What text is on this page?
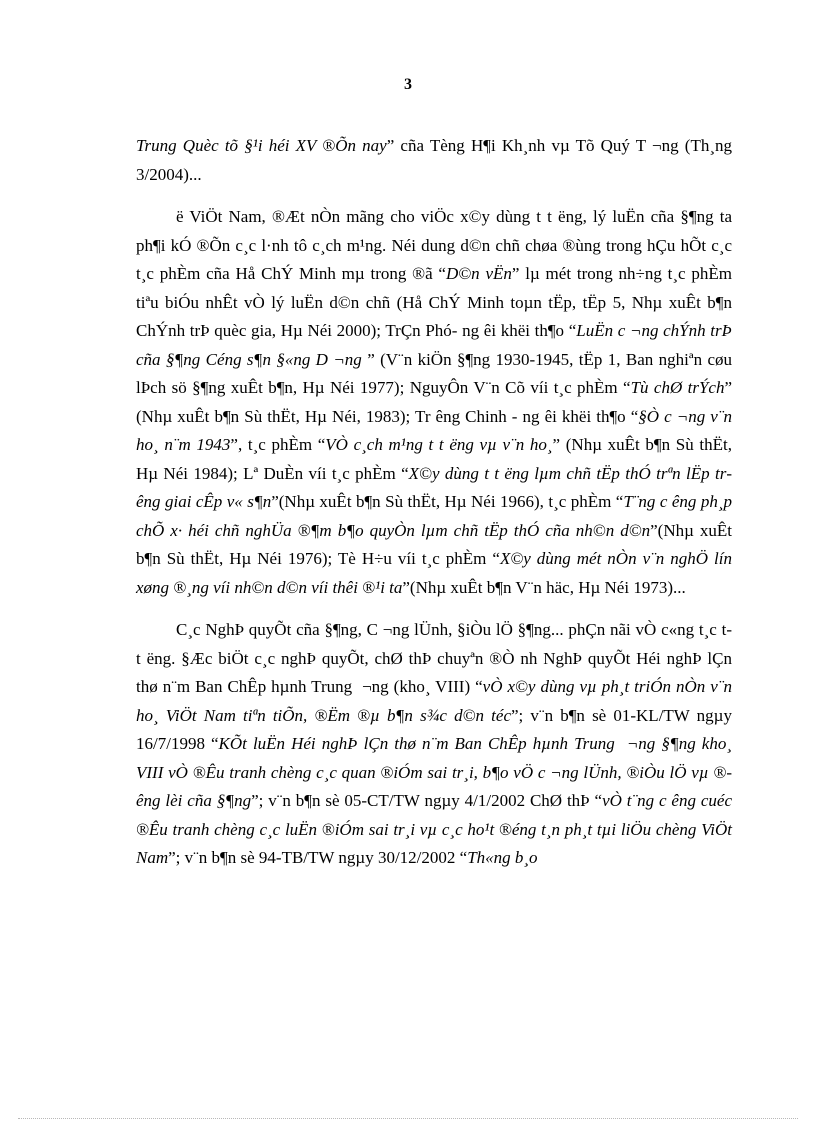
3

Trung Quèc tõ §¹i héi XV ®Õn nay” cña Tèng H¶i Kh¸nh vµ Tõ Quý T ¬ng (Th¸ng 3/2004)...

ë ViÖt Nam, ®Æt nÒn mãng cho viÖc x©y dùng t t ëng, lý luËn cña §¶ng ta ph¶i kÓ ®Õn c¸c l·nh tô c¸ch m¹ng. Néi dung d©n chñ chøa ®ùng trong hÇu hÕt c¸c t¸c phÈm cña Hå ChÝ Minh mµ trong ®ã “D©n vËn” lµ mét trong nh÷ng t¸c phÈm tiªu biÓu nhÊt vÒ lý luËn d©n chñ (Hå ChÝ Minh toµn tËp, tËp 5, Nhµ xuÊt b¶n ChÝnh trÞ quèc gia, Hµ Néi 2000); TrÇn Phó- ng êi khëi th¶o “LuËn c ¬ng chÝnh trÞ cña §¶ng Céng s¶n §«ng D ¬ng ” (V¨n kiÖn §¶ng 1930-1945, tËp 1, Ban nghiªn cøu lÞch sö §¶ng xuÊt b¶n, Hµ Néi 1977); NguyÔn V¨n Cõ víi t¸c phÈm “Tù chØ trÝch” (Nhµ xuÊt b¶n Sù thËt, Hµ Néi, 1983); Tr êng Chinh - ng êi khëi th¶o “§Ò c ¬ng v¨n ho¸ n¨m 1943”, t¸c phÈm “VÒ c¸ch m¹ng t t ëng vµ v¨n ho¸” (Nhµ xuÊt b¶n Sù thËt, Hµ Néi 1984); Lª DuÈn víi t¸c phÈm “X©y dùng t t ëng lµm chñ tËp thÓ trªn lËp tr êng giai cÊp v« s¶n”(Nhµ xuÊt b¶n Sù thËt, Hµ Néi 1966), t¸c phÈm “T¨ng c êng ph¸p chÕ x· héi chñ nghÜa ®¶m b¶o quyÒn lµm chñ tËp thÓ cña nh©n d©n”(Nhµ xuÊt b¶n Sù thËt, Hµ Néi 1976); Tè H÷u víi t¸c phÈm “X©y dùng mét nÒn v¨n nghÖ lín xøng ®¸ng víi nh©n d©n víi thêi ®¹i ta”(Nhµ xuÊt b¶n V¨n häc, Hµ Néi 1973)...

C¸c NghÞ quyÕt cña §¶ng, C ¬ng lÜnh, §iÒu lÖ §¶ng... phÇn nãi vÒ c«ng t¸c t t ëng. §Æc biÖt c¸c nghÞ quyÕt, chØ thÞ chuyªn ®Ò nh NghÞ quyÕt Héi nghÞ lÇn thø n¨m Ban ChÊp hµnh Trung ¬ng (kho¸ VIII) “vÒ x©y dùng vµ ph¸t triÓn nÒn v¨n ho¸ ViÖt Nam tiªn tiÕn, ®Ëm ®µ b¶n s¾c d©n téc”; v¨n b¶n sè 01-KL/TW ngµy 16/7/1998 “KÕt luËn Héi nghÞ lÇn thø n¨m Ban ChÊp hµnh Trung ¬ng §¶ng kho¸ VIII vÒ ®Êu tranh chèng c¸c quan ®iÓm sai tr¸i, b¶o vÖ c ¬ng lÜnh, ®iÒu lÖ vµ ® êng lèi cña §¶ng”; v¨n b¶n sè 05-CT/TW ngµy 4/1/2002 ChØ thÞ “vÒ t¨ng c êng cuéc ®Êu tranh chèng c¸c luËn ®iÓm sai tr¸i vµ c¸c ho¹t ®éng t¸n ph¸t tµi liÖu chèng ViÖt Nam”; v¨n b¶n sè 94-TB/TW ngµy 30/12/2002 “Th«ng b¸o
